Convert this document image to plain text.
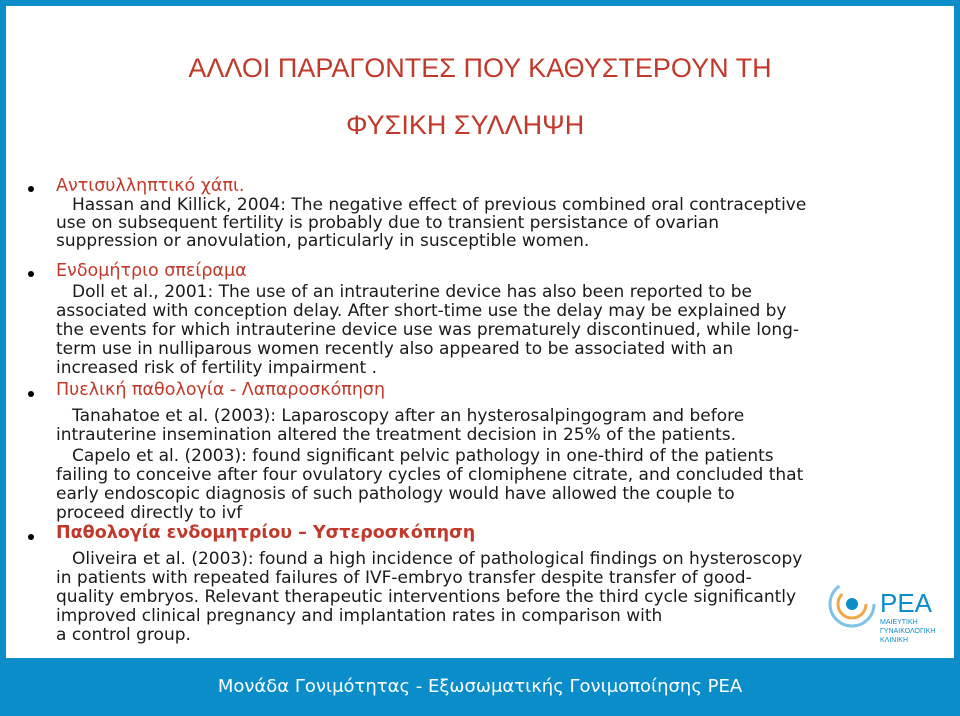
ΑΛΛΟΙ ΠΑΡΑΓΟΝΤΕΣ ΠΟΥ ΚΑΘΥΣΤΕΡΟΥΝ ΤΗ
ΦΥΣΙΚΗ ΣΥΛΛΗΨΗ
Αντισυλληπτικό χάπι.
Hassan and Killick, 2004: The negative effect of previous combined oral contraceptive
use on subsequent fertility is probably due to transient persistance of ovarian
suppression or anovulation, particularly in susceptible women.
Ενδομήτριο σπείραμα
Doll et al., 2001: The use of an intrauterine device has also been reported to be
associated with conception delay. After short-time use the delay may be explained by
the events for which intrauterine device use was prematurely discontinued, while long-
term use in nulliparous women recently also appeared to be associated with an
increased risk of fertility impairment .
Πυελική παθολογία - Λαπαροσκόπηση
Tanahatoe et al. (2003): Laparoscopy after an hysterosalpingogram and before
intrauterine insemination altered the treatment decision in 25% of the patients.
Capelo et al. (2003): found significant pelvic pathology in one-third of the patients
failing to conceive after four ovulatory cycles of clomiphene citrate, and concluded that
early endoscopic diagnosis of such pathology would have allowed the couple to
proceed directly to ivf
Παθολογία ενδομητρίου – Υστεροσκόπηση
Oliveira et al. (2003): found a high incidence of pathological findings on hysteroscopy
in patients with repeated failures of IVF-embryo transfer despite transfer of good-
quality embryos. Relevant therapeutic interventions before the third cycle significantly
improved clinical pregnancy and implantation rates in comparison with
a control group.
PEA
ΜΑΙΕΥΤΙΚΗ
ΓΥΝΑΙΚΟΛΟΓΙΚΗ
ΚΛΙΝΙΚΗ
Μονάδα Γονιμότητας - Εξωσωματικής Γονιμοποίησης PEA
